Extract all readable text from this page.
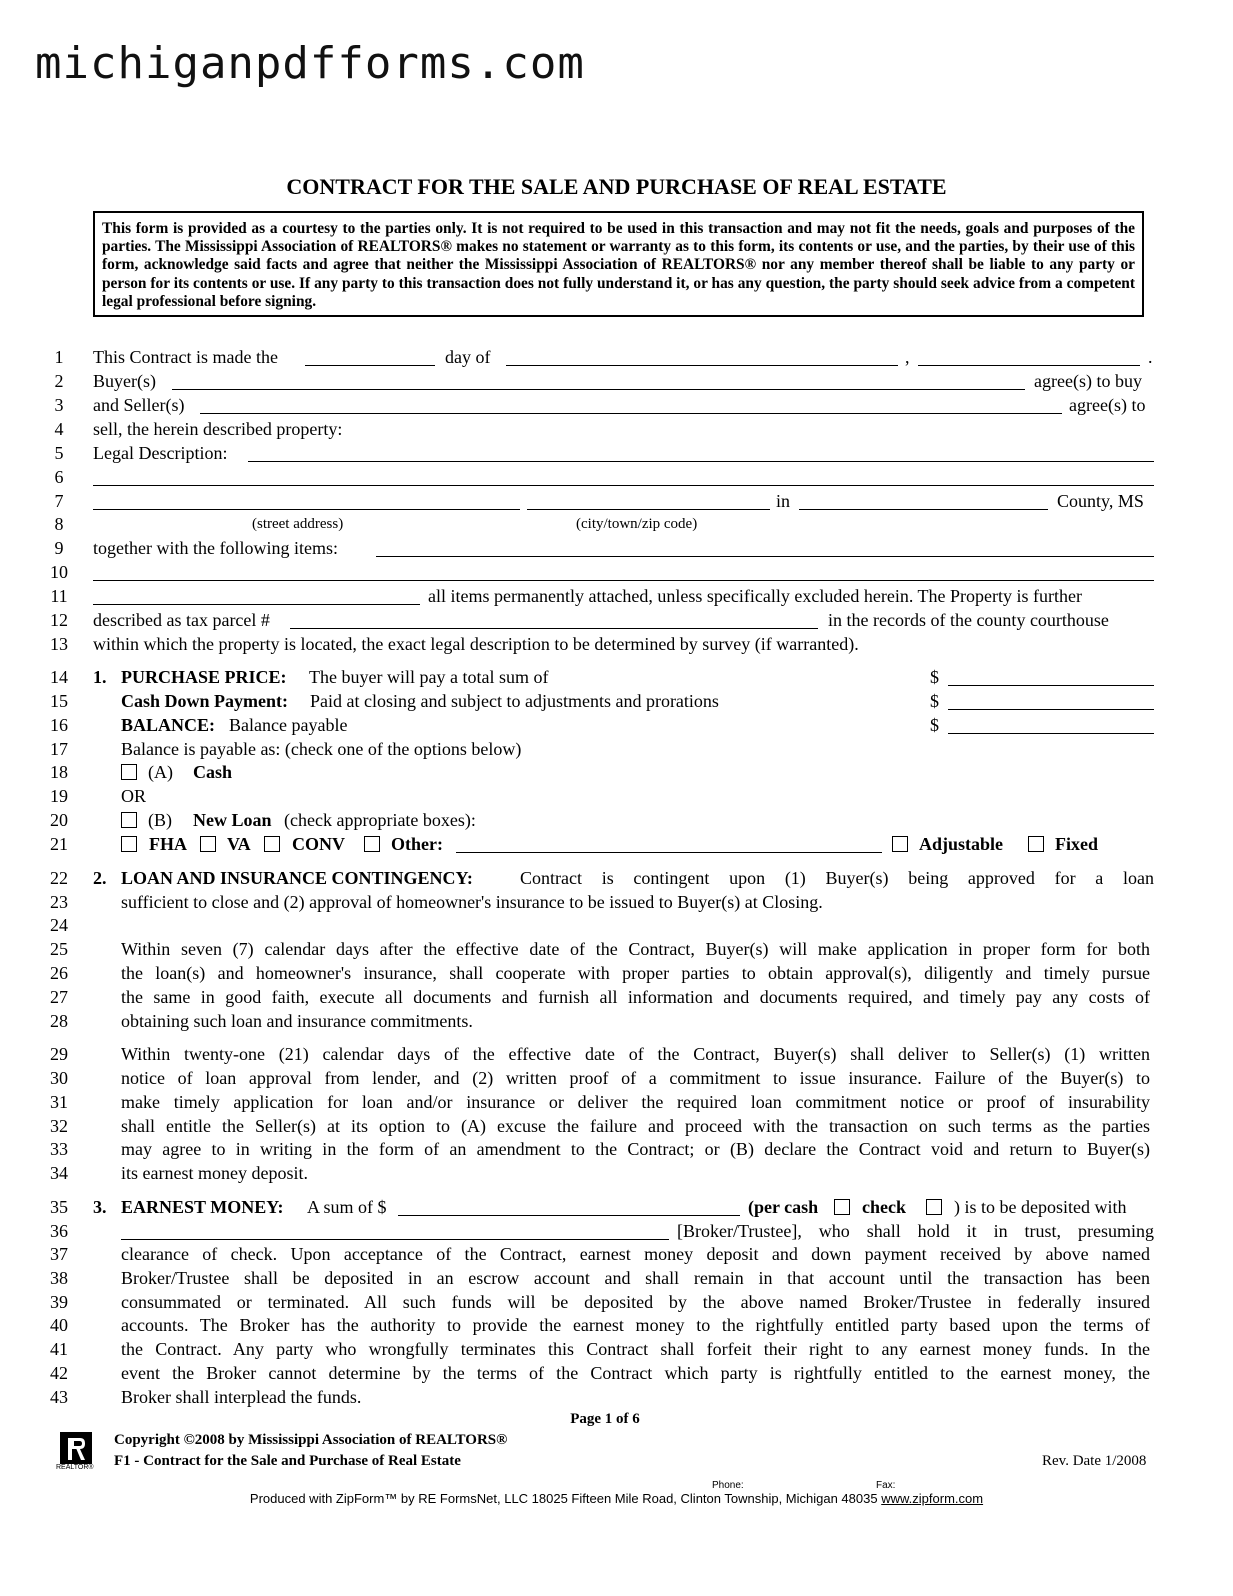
michiganpdfforms.com
CONTRACT FOR THE SALE AND PURCHASE OF REAL ESTATE
This form is provided as a courtesy to the parties only. It is not required to be used in this transaction and may not fit the needs, goals and purposes of the parties. The Mississippi Association of REALTORS® makes no statement or warranty as to this form, its contents or use, and the parties, by their use of this form, acknowledge said facts and agree that neither the Mississippi Association of REALTORS® nor any member thereof shall be liable to any party or person for its contents or use. If any party to this transaction does not fully understand it, or has any question, the party should seek advice from a competent legal professional before signing.
1
2
3
4
5
6
7
8
9
10
11
12
13
14
15
16
17
18
19
20
21
22
23
24
25
26
27
28
29
30
31
32
33
34
35
36
37
38
39
40
41
42
43
This Contract is made the	day of	,	.
Buyer(s)	agree(s) to buy
and Seller(s)	agree(s) to
sell, the herein described property:
Legal Description:
in	County, MS
(street address)	(city/town/zip code)
together with the following items:
all items permanently attached, unless specifically excluded herein. The Property is further
described as tax parcel #	in the records of the county courthouse
within which the property is located, the exact legal description to be determined by survey (if warranted).
1. PURCHASE PRICE: The buyer will pay a total sum of	$
Cash Down Payment: Paid at closing and subject to adjustments and prorations	$
BALANCE: Balance payable	$
Balance is payable as: (check one of the options below)
(A) Cash
OR
(B) New Loan (check appropriate boxes):
FHA VA CONV	Other:	Adjustable	Fixed
2. LOAN AND INSURANCE CONTINGENCY:	Contract is contingent upon (1) Buyer(s) being approved for a loan
sufficient to close and (2) approval of homeowner's insurance to be issued to Buyer(s) at Closing.
Within seven (7) calendar days after the effective date of the Contract, Buyer(s) will make application in proper form for both
the loan(s) and homeowner's insurance, shall cooperate with proper parties to obtain approval(s), diligently and timely pursue
the same in good faith, execute all documents and furnish all information and documents required, and timely pay any costs of
obtaining such loan and insurance commitments.
Within twenty-one (21) calendar days of the effective date of the Contract, Buyer(s) shall deliver to Seller(s) (1) written
notice of loan approval from lender, and (2) written proof of a commitment to issue insurance. Failure of the Buyer(s) to
make timely application for loan and/or insurance or deliver the required loan commitment notice or proof of insurability
shall entitle the Seller(s) at its option to (A) excuse the failure and proceed with the transaction on such terms as the parties
may agree to in writing in the form of an amendment to the Contract; or (B) declare the Contract void and return to Buyer(s)
its earnest money deposit.
3. EARNEST MONEY: A sum of $	(per cash check	) is to be deposited with
[Broker/Trustee], who shall hold it in trust, presuming
clearance of check. Upon acceptance of the Contract, earnest money deposit and down payment received by above named
Broker/Trustee shall be deposited in an escrow account and shall remain in that account until the transaction has been
consummated or terminated. All such funds will be deposited by the above named Broker/Trustee in federally insured
accounts. The Broker has the authority to provide the earnest money to the rightfully entitled party based upon the terms of
the Contract. Any party who wrongfully terminates this Contract shall forfeit their right to any earnest money funds. In the
event the Broker cannot determine by the terms of the Contract which party is rightfully entitled to the earnest money, the
Broker shall interplead the funds.
Page 1 of 6
REALTOR®
Copyright ©2008 by Mississippi Association of REALTORS®
F1 - Contract for the Sale and Purchase of Real Estate	Rev. Date 1/2008
Phone:	Fax:
Produced with ZipForm™ by RE FormsNet, LLC 18025 Fifteen Mile Road, Clinton Township, Michigan 48035 www.zipform.com
